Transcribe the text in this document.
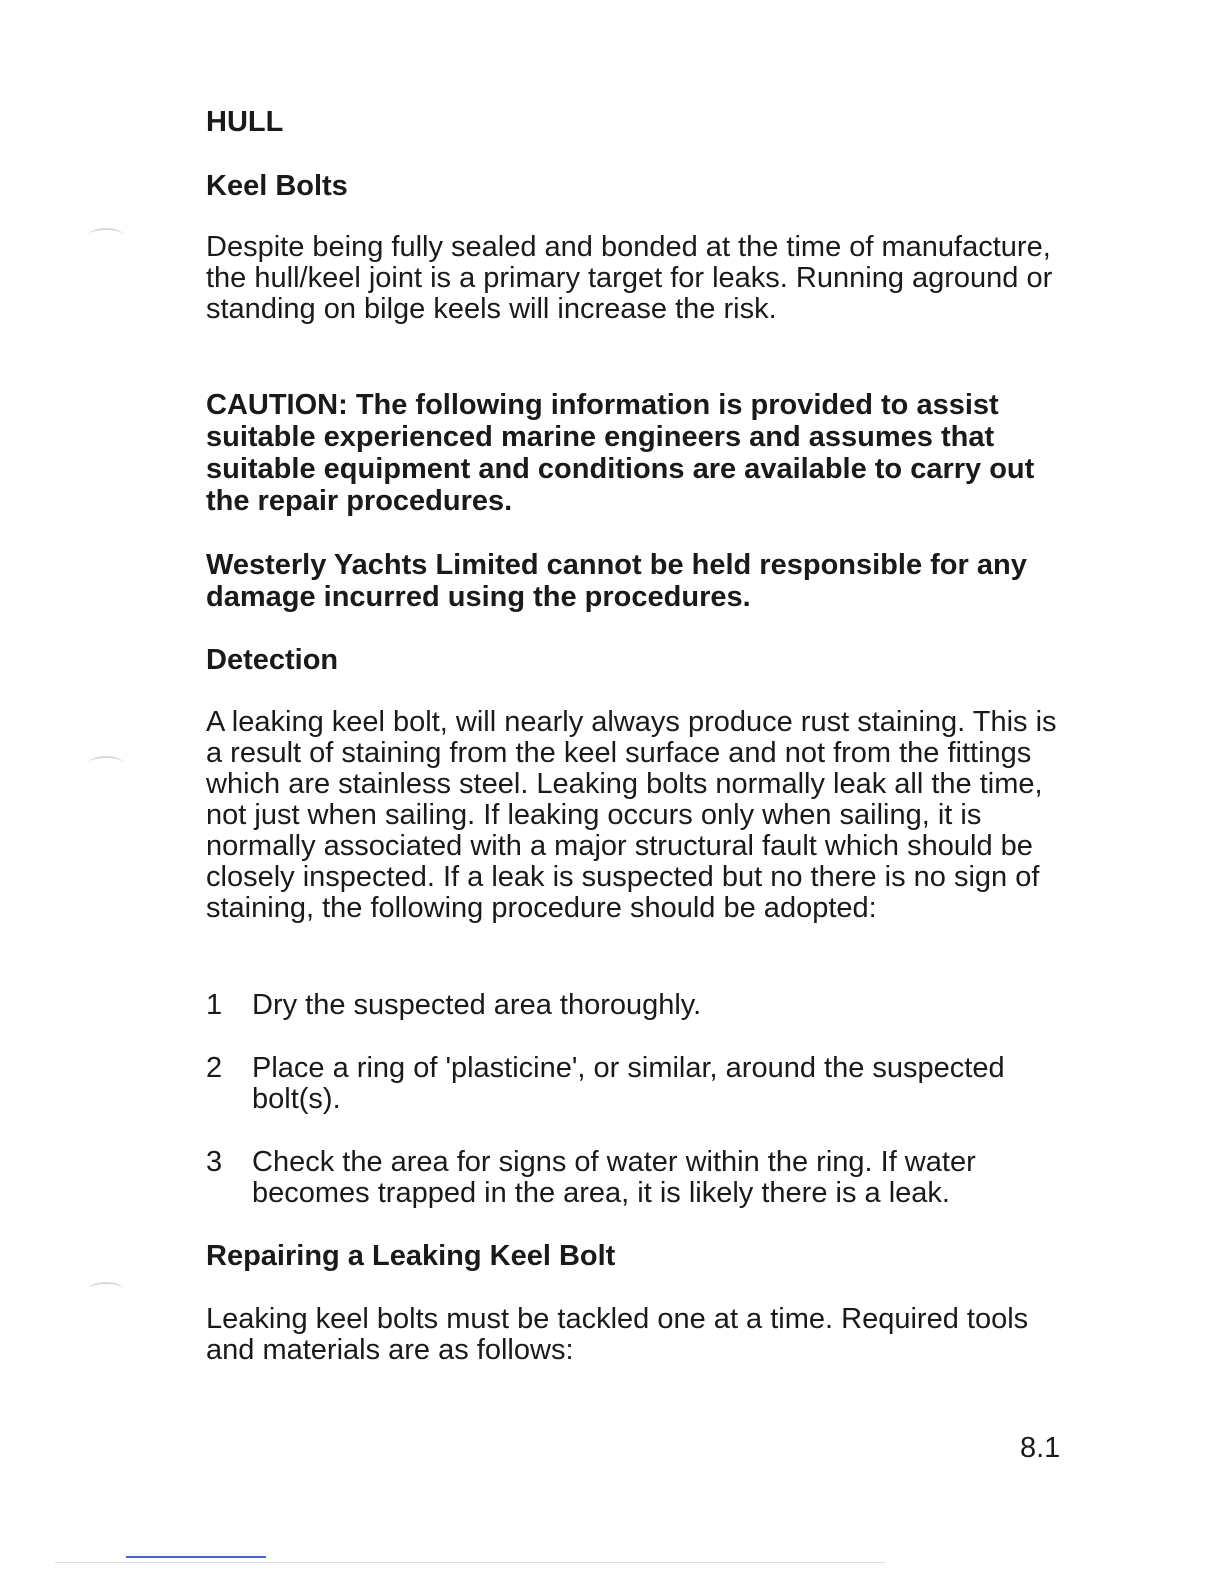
HULL
Keel Bolts

Despite being fully sealed and bonded at the time of manufacture, the hull/keel joint is a primary target for leaks. Running aground or standing on bilge keels will increase the risk.

CAUTION: The following information is provided to assist suitable experienced marine engineers and assumes that suitable equipment and conditions are available to carry out the repair procedures.

Westerly Yachts Limited cannot be held responsible for any damage incurred using the procedures.

Detection

A leaking keel bolt, will nearly always produce rust staining. This is a result of staining from the keel surface and not from the fittings which are stainless steel. Leaking bolts normally leak all the time, not just when sailing. If leaking occurs only when sailing, it is normally associated with a major structural fault which should be closely inspected. If a leak is suspected but no there is no sign of staining, the following procedure should be adopted:

1	Dry the suspected area thoroughly.
2	Place a ring of 'plasticine', or similar, around the suspected bolt(s).
3	Check the area for signs of water within the ring. If water becomes trapped in the area, it is likely there is a leak.
Repairing a Leaking Keel Bolt

Leaking keel bolts must be tackled one at a time. Required tools and materials are as follows:

8.1
